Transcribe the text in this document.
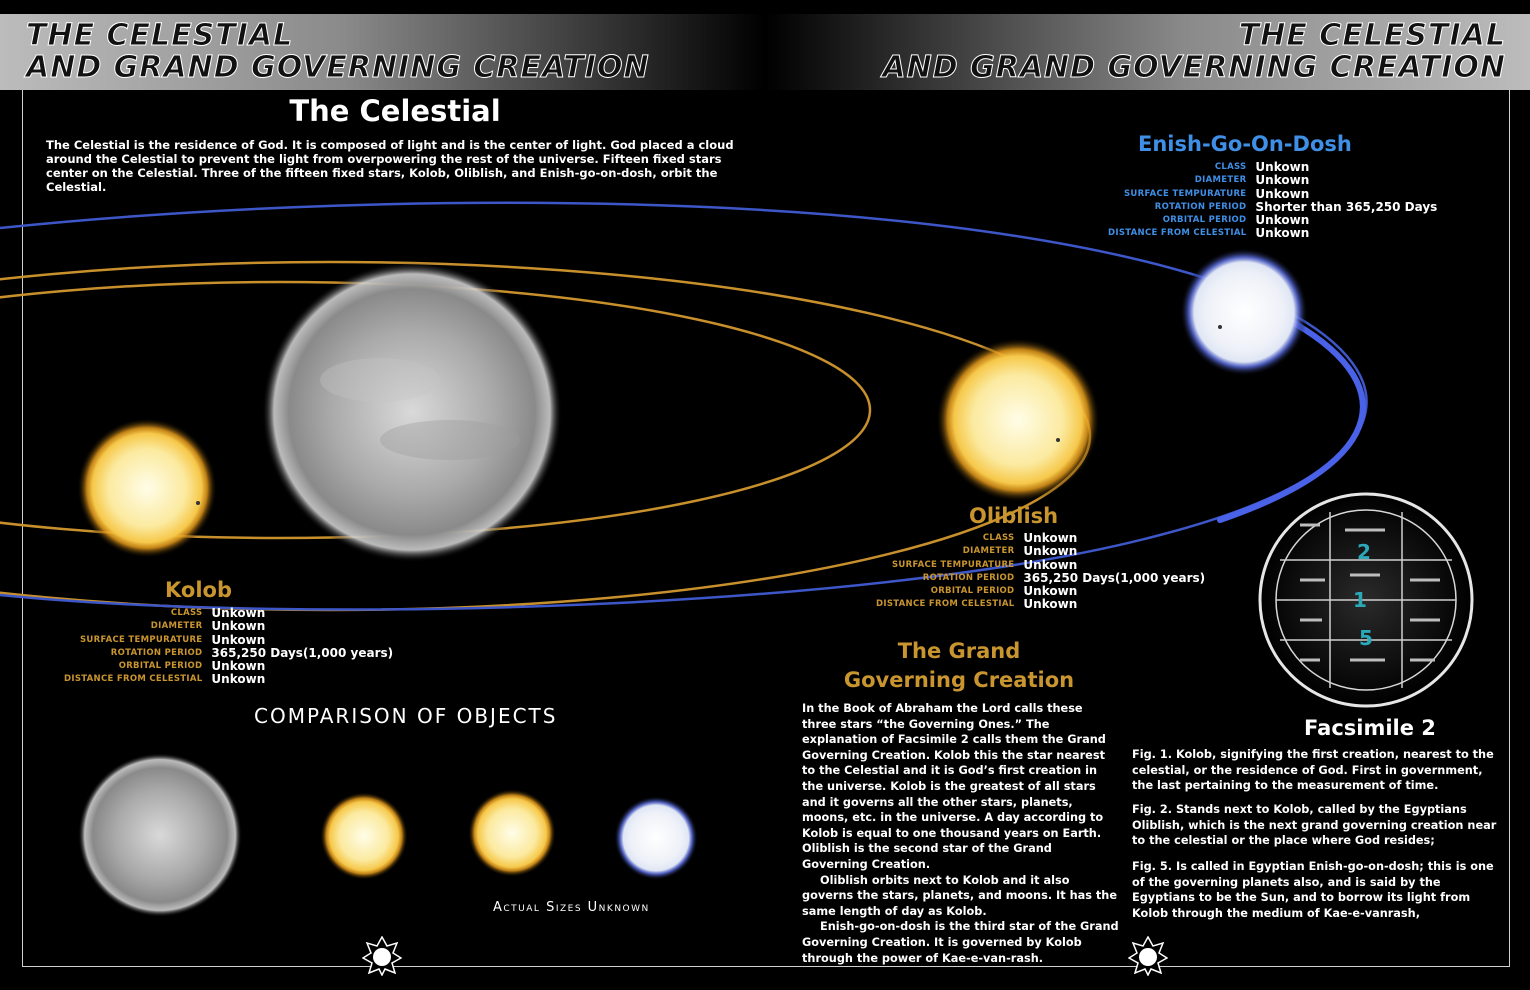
THE CELESTIAL
AND GRAND GOVERNING CREATION
THE CELESTIAL
AND GRAND GOVERNING CREATION
2
1
5
The Celestial
The Celestial is the residence of God. It is composed of light and is the center of light. God placed a cloud around the Celestial to prevent the light from overpowering the rest of the universe. Fifteen fixed stars center on the Celestial. Three of the fifteen fixed stars, Kolob, Oliblish, and Enish-go-on-dosh, orbit the Celestial.
Enish-Go-On-Dosh
CLASS	Unkown
DIAMETER	Unkown
SURFACE TEMPURATURE	Unkown
ROTATION PERIOD	Shorter than 365,250 Days
ORBITAL PERIOD	Unkown
DISTANCE FROM CELESTIAL	Unkown
Oliblish
CLASS	Unkown
DIAMETER	Unkown
SURFACE TEMPURATURE	Unkown
ROTATION PERIOD	365,250 Days(1,000 years)
ORBITAL PERIOD	Unkown
DISTANCE FROM CELESTIAL	Unkown
Kolob
CLASS	Unkown
DIAMETER	Unkown
SURFACE TEMPURATURE	Unkown
ROTATION PERIOD	365,250 Days(1,000 years)
ORBITAL PERIOD	Unkown
DISTANCE FROM CELESTIAL	Unkown
COMPARISON OF OBJECTS
Actual Sizes Unknown
The Grand
Governing Creation

In the Book of Abraham the Lord calls these three stars “the Governing Ones.” The explanation of Facsimile 2 calls them the Grand Governing Creation. Kolob this the star nearest to the Celestial and it is God’s first creation in the universe. Kolob is the greatest of all stars and it governs all the other stars, planets, moons, etc. in the universe. A day according to Kolob is equal to one thousand years on Earth. Oliblish is the second star of the Grand Governing Creation.

Oliblish orbits next to Kolob and it also governs the stars, planets, and moons. It has the same length of day as Kolob.

Enish-go-on-dosh is the third star of the Grand Governing Creation. It is governed by Kolob through the power of Kae-e-van-rash.

Facsimile 2
Fig. 1. Kolob, signifying the first creation, nearest to the celestial, or the residence of God. First in government, the last pertaining to the measurement of time.
Fig. 2. Stands next to Kolob, called by the Egyptians Oliblish, which is the next grand governing creation near to the celestial or the place where God resides;
Fig. 5. Is called in Egyptian Enish-go-on-dosh; this is one of the governing planets also, and is said by the Egyptians to be the Sun, and to borrow its light from Kolob through the medium of Kae-e-vanrash,
